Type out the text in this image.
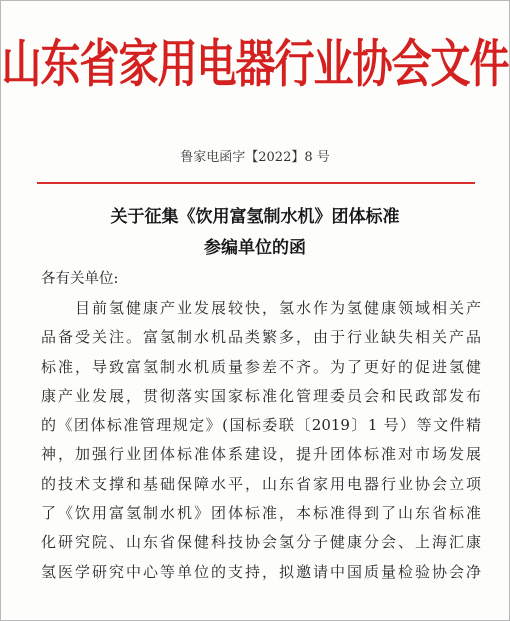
山东省家用电器行业协会文件
鲁家电函字【2022】8 号
关于征集《饮用富氢制水机》团体标准
参编单位的函
各有关单位:
　　目前氢健康产业发展较快，氢水作为氢健康领域相关产
品备受关注。富氢制水机品类繁多，由于行业缺失相关产品
标准，导致富氢制水机质量参差不齐。为了更好的促进氢健
康产业发展，贯彻落实国家标准化管理委员会和民政部发布
的《团体标准管理规定》(国标委联〔2019〕1 号）等文件精
神，加强行业团体标准体系建设，提升团体标准对市场发展
的技术支撑和基础保障水平，山东省家用电器行业协会立项
了《饮用富氢制水机》团体标准，本标准得到了山东省标准
化研究院、山东省保健科技协会氢分子健康分会、上海汇康
氢医学研究中心等单位的支持，拟邀请中国质量检验协会净
